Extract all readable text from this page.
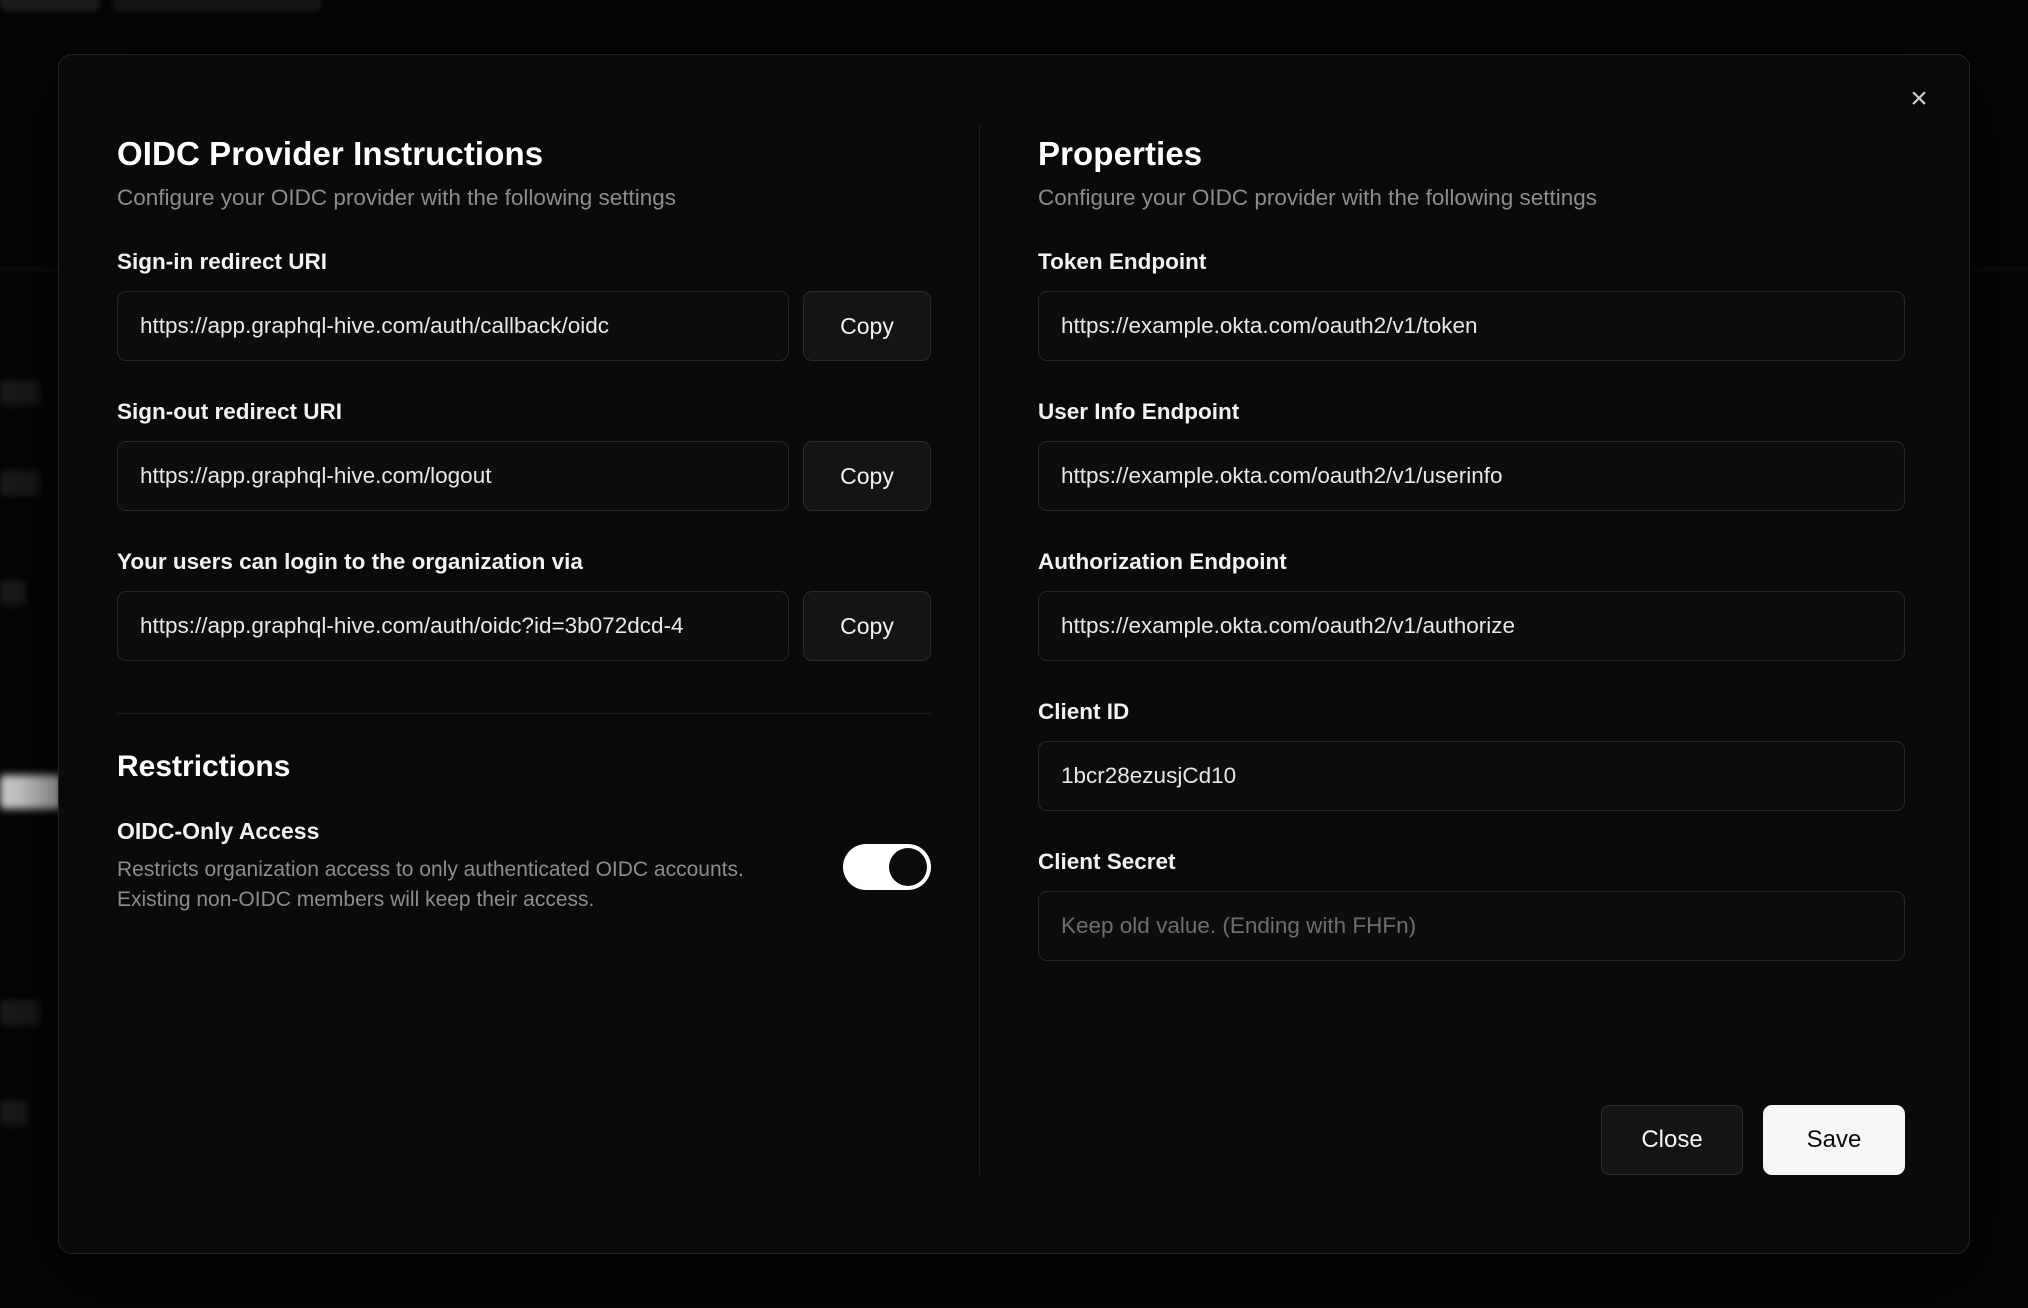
×
OIDC Provider Instructions

Configure your OIDC provider with the following settings

Sign-in redirect URI
https://app.graphql-hive.com/auth/callback/oidc
Copy
Sign-out redirect URI
https://app.graphql-hive.com/logout
Copy
Your users can login to the organization via
https://app.graphql-hive.com/auth/oidc?id=3b072dcd-4
Copy
Restrictions
OIDC-Only Access
Restricts organization access to only authenticated OIDC accounts. Existing non-OIDC members will keep their access.
Properties

Configure your OIDC provider with the following settings

Token Endpoint
https://example.okta.com/oauth2/v1/token
User Info Endpoint
https://example.okta.com/oauth2/v1/userinfo
Authorization Endpoint
https://example.okta.com/oauth2/v1/authorize
Client ID
1bcr28ezusjCd10
Client Secret
Keep old value. (Ending with FHFn)
Close	Save
